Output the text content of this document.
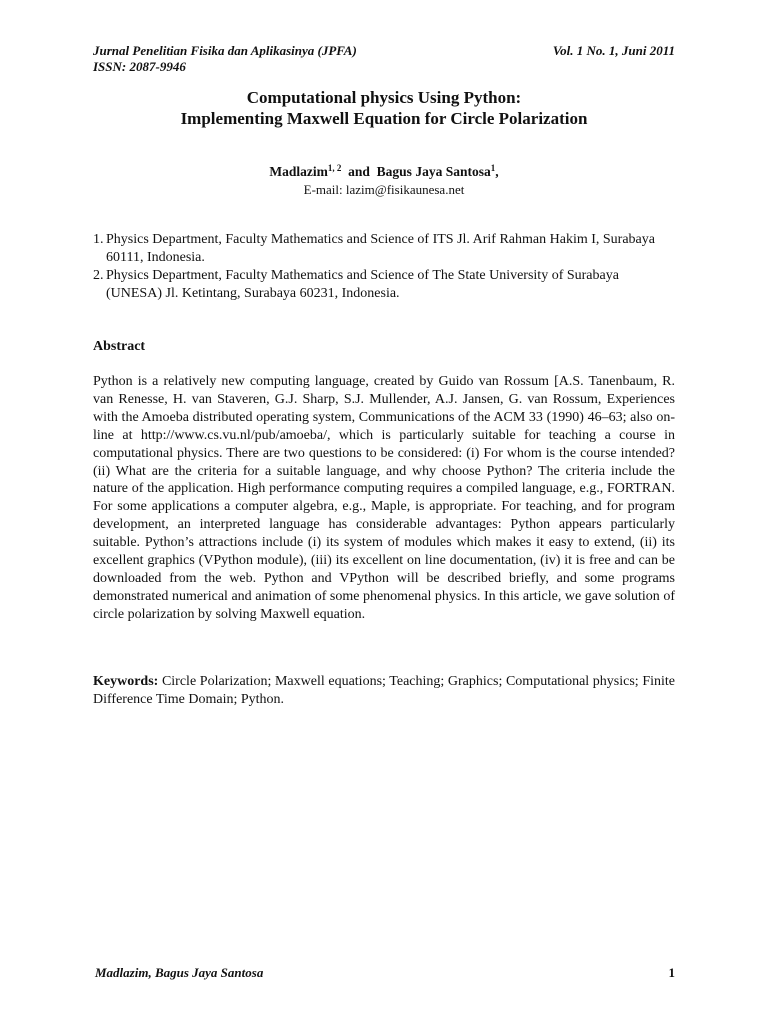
Jurnal Penelitian Fisika dan Aplikasinya (JPFA)	Vol. 1 No. 1, Juni 2011
ISSN: 2087-9946
Computational physics Using Python:
Implementing Maxwell Equation for Circle Polarization
Madlazim$^{1, 2}$ and Bagus Jaya Santosa$^1$,
E-mail: lazim@fisikaunesa.net
1. Physics Department, Faculty Mathematics and Science of ITS Jl. Arif Rahman Hakim I, Surabaya 60111, Indonesia.
2. Physics Department, Faculty Mathematics and Science of The State University of Surabaya (UNESA) Jl. Ketintang, Surabaya 60231, Indonesia.
Abstract

Python is a relatively new computing language, created by Guido van Rossum [A.S. Tanenbaum, R. van Renesse, H. van Staveren, G.J. Sharp, S.J. Mullender, A.J. Jansen, G. van Rossum, Experiences with the Amoeba distributed operating system, Communications of the ACM 33 (1990) 46–63; also on-line at http://www.cs.vu.nl/pub/amoeba/, which is particularly suitable for teaching a course in computational physics. There are two questions to be considered: (i) For whom is the course intended? (ii) What are the criteria for a suitable language, and why choose Python? The criteria include the nature of the application. High performance computing requires a compiled language, e.g., FORTRAN. For some applications a computer algebra, e.g., Maple, is appropriate. For teaching, and for program development, an interpreted language has considerable advantages: Python appears particularly suitable. Python’s attractions include (i) its system of modules which makes it easy to extend, (ii) its excellent graphics (VPython module), (iii) its excellent on line documentation, (iv) it is free and can be downloaded from the web. Python and VPython will be described briefly, and some programs demonstrated numerical and animation of some phenomenal physics. In this article, we gave solution of circle polarization by solving Maxwell equation.

Keywords: Circle Polarization; Maxwell equations; Teaching; Graphics; Computational physics; Finite Difference Time Domain; Python.

Madlazim, Bagus Jaya Santosa	1
